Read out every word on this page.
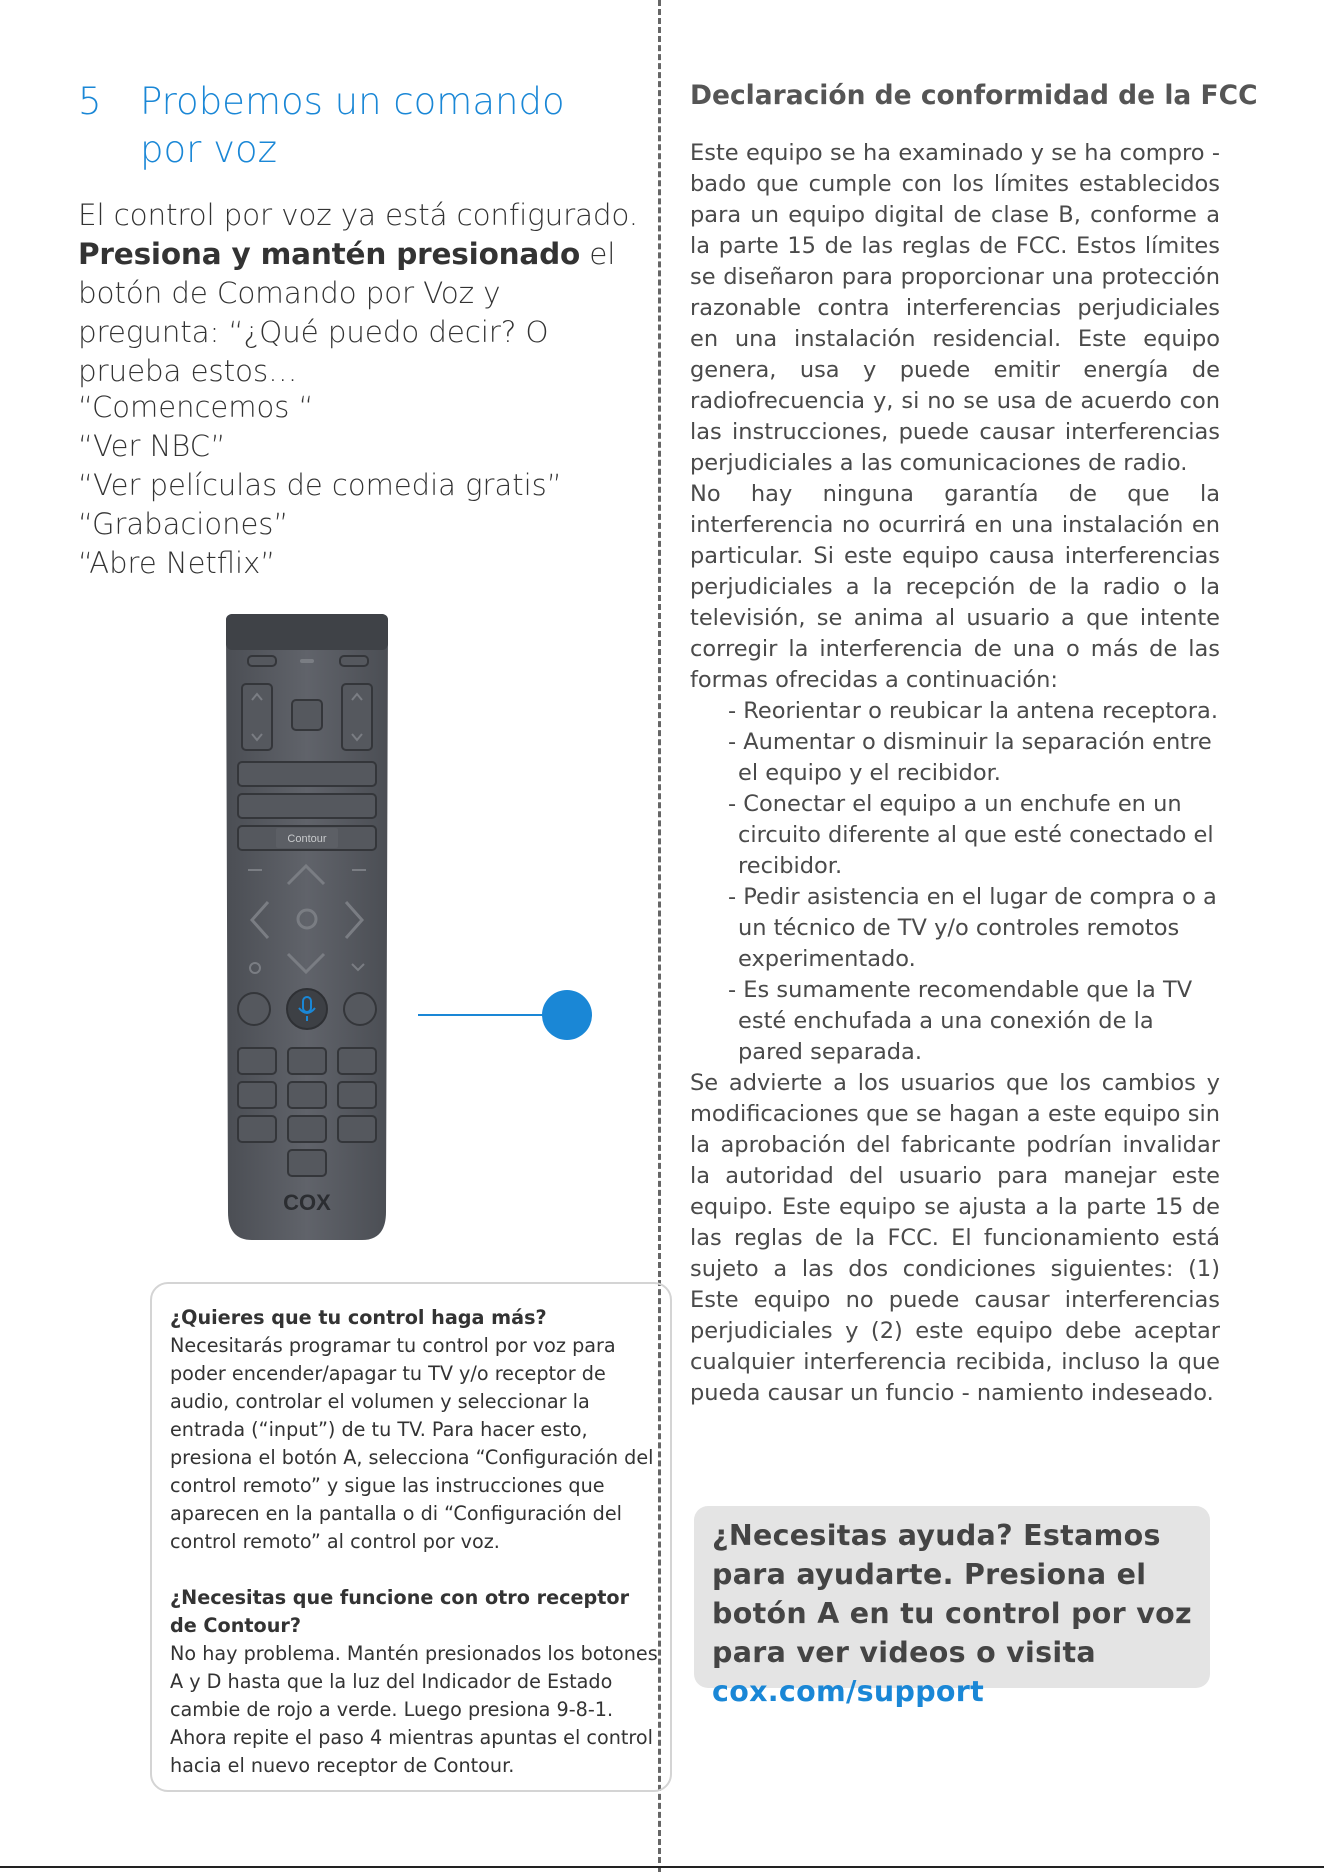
5 Probemos un comando por voz
El control por voz ya está configurado. Presiona y mantén presionado el botón de Comando por Voz y pregunta: “¿Qué puedo decir? O prueba estos…
“Comencemos “
“Ver NBC”
“Ver películas de comedia gratis”
“Grabaciones”
“Abre Netflix”
Contour
COX

¿Quieres que tu control haga más?

Necesitarás programar tu control por voz para poder encender/apagar tu TV y/o receptor de audio, controlar el volumen y seleccionar la entrada (“input”) de tu TV. Para hacer esto, presiona el botón A, selecciona “Configuración del control remoto” y sigue las instrucciones que aparecen en la pantalla o di “Configuración del control remoto” al control por voz.

¿Necesitas que funcione con otro receptor de Contour?

No hay problema. Mantén presionados los botones A y D hasta que la luz del Indicador de Estado cambie de rojo a verde. Luego presiona 9-8-1. Ahora repite el paso 4 mientras apuntas el control hacia el nuevo receptor de Contour.

Declaración de conformidad de la FCC

Este equipo se ha examinado y se ha compro - bado que cumple con los límites establecidos para un equipo digital de clase B, conforme a la parte 15 de las reglas de FCC. Estos límites se diseñaron para proporcionar una protección razonable contra interferencias perjudiciales en una instalación residencial. Este equipo genera, usa y puede emitir energía de radiofrecuencia y, si no se usa de acuerdo con las instrucciones, puede causar interferencias perjudiciales a las comunicaciones de radio.

No hay ninguna garantía de que la interferencia no ocurrirá en una instalación en particular. Si este equipo causa interferencias perjudiciales a la recepción de la radio o la televisión, se anima al usuario a que intente corregir la interferencia de una o más de las formas ofrecidas a continuación:

- Reorientar o reubicar la antena receptora.
- Aumentar o disminuir la separación entre el equipo y el recibidor.
- Conectar el equipo a un enchufe en un circuito diferente al que esté conectado el recibidor.
- Pedir asistencia en el lugar de compra o a un técnico de TV y/o controles remotos experimentado.
- Es sumamente recomendable que la TV esté enchufada a una conexión de la pared separada.

Se advierte a los usuarios que los cambios y modificaciones que se hagan a este equipo sin la aprobación del fabricante podrían invalidar la autoridad del usuario para manejar este equipo. Este equipo se ajusta a la parte 15 de las reglas de la FCC. El funcionamiento está sujeto a las dos condiciones siguientes: (1) Este equipo no puede causar interferencias perjudiciales y (2) este equipo debe aceptar cualquier interferencia recibida, incluso la que pueda causar un funcio - namiento indeseado.

¿Necesitas ayuda? Estamos para ayudarte. Presiona el botón A en tu control por voz para ver videos o visita cox.com/support
